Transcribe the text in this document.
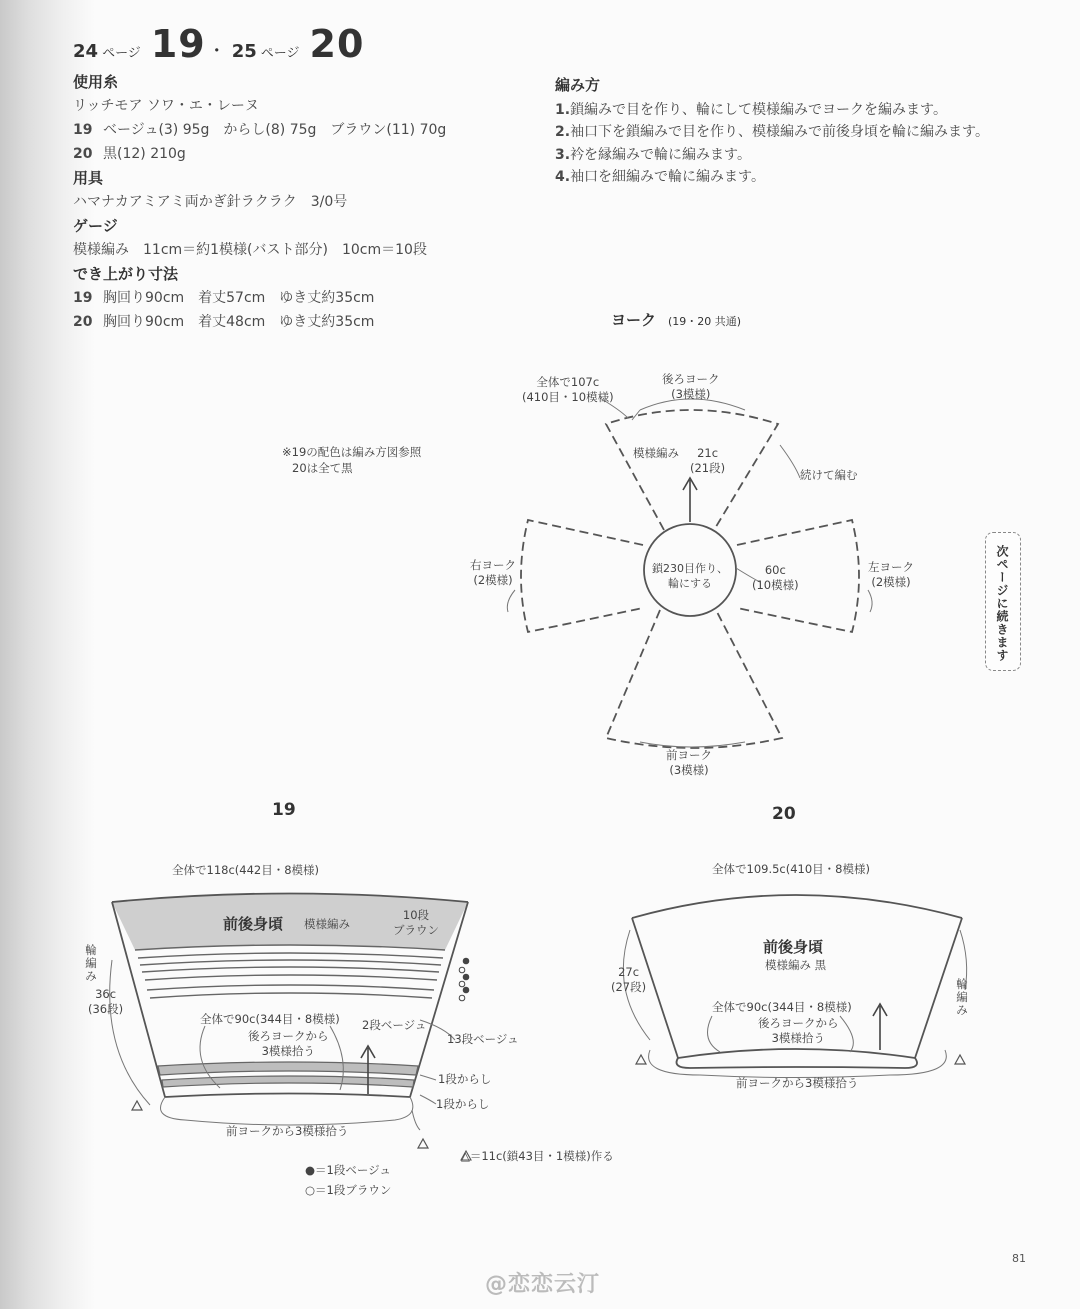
24 ページ 19 ・ 25 ページ 20
使用糸
リッチモア ソワ・エ・レーヌ
19 ベージュ(3) 95g　からし(8) 75g　ブラウン(11) 70g
20 黒(12) 210g
用具
ハマナカアミアミ両かぎ針ラクラク　3/0号
ゲージ
模様編み　11cm＝約1模様(バスト部分)　10cm＝10段
でき上がり寸法
19 胸回り90cm　着丈57cm　ゆき丈約35cm
20 胸回り90cm　着丈48cm　ゆき丈約35cm
編み方
1.鎖編みで目を作り、輪にして模様編みでヨークを編みます。
2.袖口下を鎖編みで目を作り、模様編みで前後身頃を輪に編みます。
3.衿を縁編みで輪に編みます。
4.袖口を細編みで輪に編みます。
次ページに続きます
※19の配色は編み方図参照
20は全て黒
ヨーク (19・20 共通)
全体で107c
(410目・10模様)
後ろヨーク
(3模様)
模様編み	21c
(21段)	続けて編む
右ヨーク
(2模様)
左ヨーク
(2模様)
鎖230目作り、
輪にする
60c
(10模様)
前ヨーク
(3模様)
19
全体で118c(442目・8模様)
前後身頃 模様編み
10段
ブラウン
輪編み
36c
(36段)
全体で90c(344目・8模様)
後ろヨークから
3模様拾う
2段ベージュ
13段ベージュ
1段からし
1段からし
前ヨークから3模様拾う
20
全体で109.5c(410目・8模様)
前後身頃
模様編み 黒
27c
(27段)	輪編み
全体で90c(344目・8模様)
後ろヨークから
3模様拾う
前ヨークから3模様拾う
△＝11c(鎖43目・1模様)作る
●＝1段ベージュ
○＝1段ブラウン
81
@恋恋云汀
